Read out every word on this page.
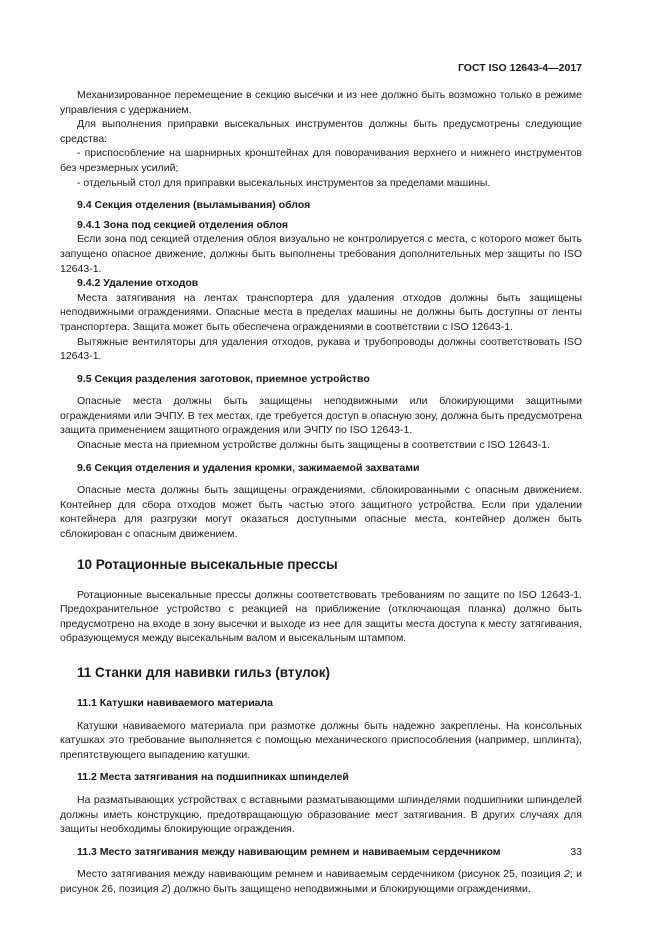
ГОСТ ISO 12643-4—2017

Механизированное перемещение в секцию высечки и из нее должно быть возможно только в режиме управления с удержанием.

Для выполнения приправки высекальных инструментов должны быть предусмотрены следующие средства:

- приспособление на шарнирных кронштейнах для поворачивания верхнего и нижнего инструментов без чрезмерных усилий;

- отдельный стол для приправки высекальных инструментов за пределами машины.

9.4 Секция отделения (выламывания) облоя
9.4.1 Зона под секцией отделения облоя

Если зона под секцией отделения облоя визуально не контролируется с места, с которого может быть запущено опасное движение, должны быть выполнены требования дополнительных мер защиты по ISO 12643-1.

9.4.2 Удаление отходов

Места затягивания на лентах транспортера для удаления отходов должны быть защищены неподвижными ограждениями. Опасные места в пределах машины не должны быть доступны от ленты транспортера. Защита может быть обеспечена ограждениями в соответствии с ISO 12643-1.

Вытяжные вентиляторы для удаления отходов, рукава и трубопроводы должны соответствовать ISO 12643-1.

9.5 Секция разделения заготовок, приемное устройство

Опасные места должны быть защищены неподвижными или блокирующими защитными ограждениями или ЭЧПУ. В тех местах, где требуется доступ в опасную зону, должна быть предусмотрена защита применением защитного ограждения или ЭЧПУ по ISO 12643-1.

Опасные места на приемном устройстве должны быть защищены в соответствии с ISO 12643-1.

9.6 Секция отделения и удаления кромки, зажимаемой захватами

Опасные места должны быть защищены ограждениями, сблокированными с опасным движением. Контейнер для сбора отходов может быть частью этого защитного устройства. Если при удалении контейнера для разгрузки могут оказаться доступными опасные места, контейнер должен быть сблокирован с опасным движением.

10 Ротационные высекальные прессы

Ротационные высекальные прессы должны соответствовать требованиям по защите по ISO 12643-1. Предохранительное устройство с реакцией на приближение (отключающая планка) должно быть предусмотрено на входе в зону высечки и выходе из нее для защиты места доступа к месту затягивания, образующемуся между высекальным валом и высекальным штампом.

11 Станки для навивки гильз (втулок)
11.1 Катушки навиваемого материала

Катушки навиваемого материала при размотке должны быть надежно закреплены. На консольных катушках это требование выполняется с помощью механического приспособления (например, шплинта), препятствующего выпадению катушки.

11.2 Места затягивания на подшипниках шпинделей

На разматывающих устройствах с вставными разматывающими шпинделями подшипники шпинделей должны иметь конструкцию, предотвращающую образование мест затягивания. В других случаях для защиты необходимы блокирующие ограждения.

11.3 Место затягивания между навивающим ремнем и навиваемым сердечником

Место затягивания между навивающим ремнем и навиваемым сердечником (рисунок 25, позиция 2; и рисунок 26, позиция 2) должно быть защищено неподвижными и блокирующими ограждениями.

33
